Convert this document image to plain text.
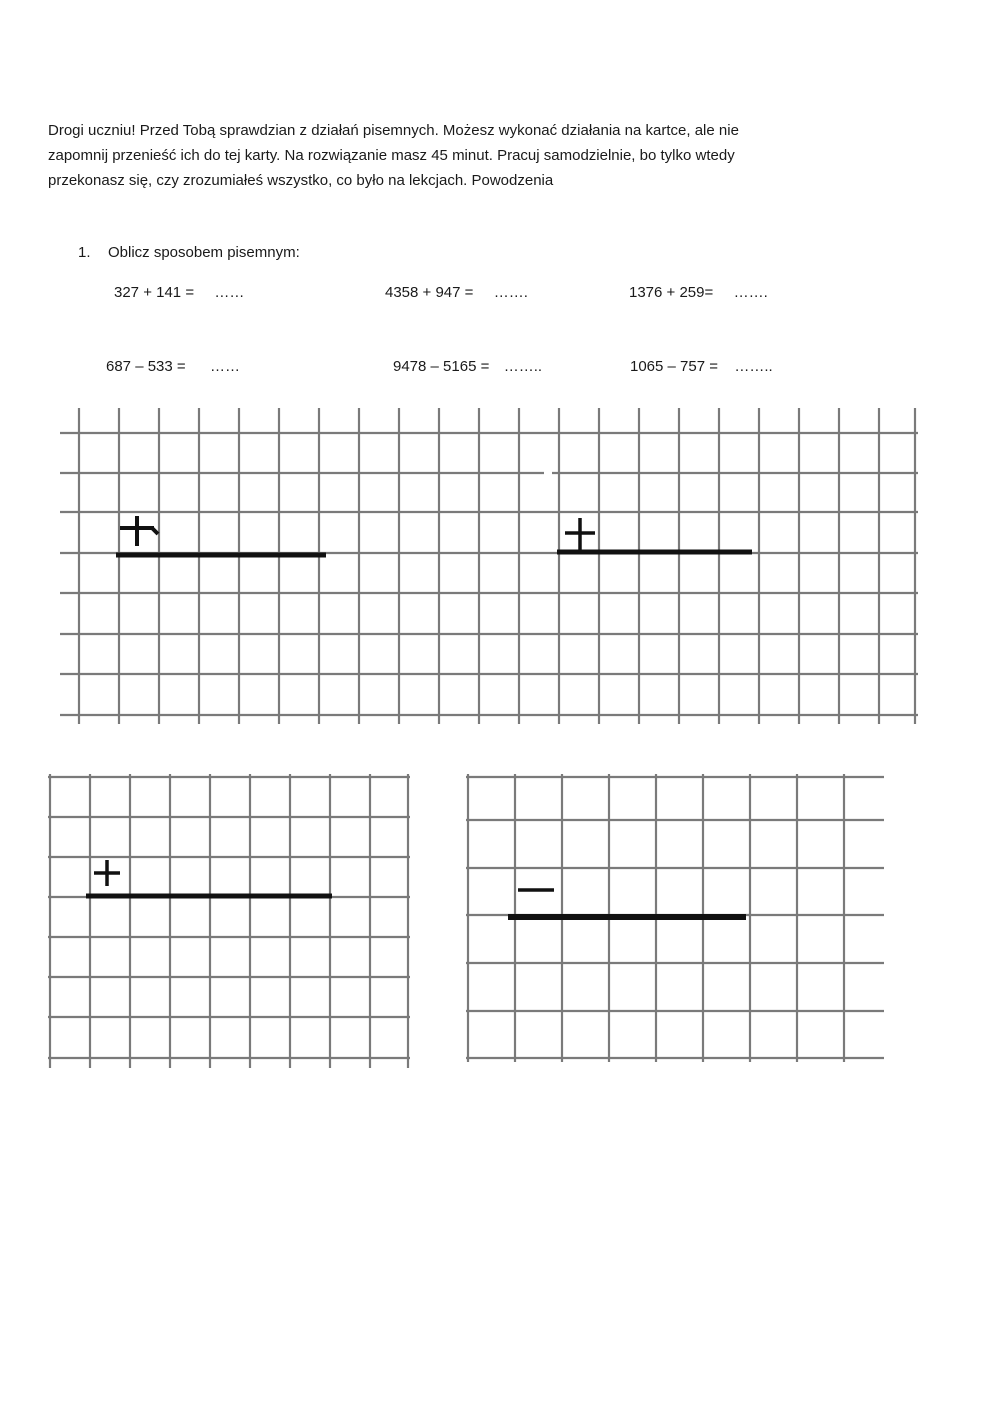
Drogi uczniu! Przed Tobą sprawdzian z działań pisemnych. Możesz wykonać działania na kartce, ale nie
zapomnij przenieść ich do tej karty. Na rozwiązanie masz 45 minut. Pracuj samodzielnie, bo tylko wtedy
przekonasz się, czy zrozumiałeś wszystko, co było na lekcjach. Powodzenia
1. Oblicz sposobem pisemnym:
327 + 141 = ……	4358 + 947 = …….	1376 + 259= …….
687 – 533 = ……	9478 – 5165 = ……..	1065 – 757 = ……..
